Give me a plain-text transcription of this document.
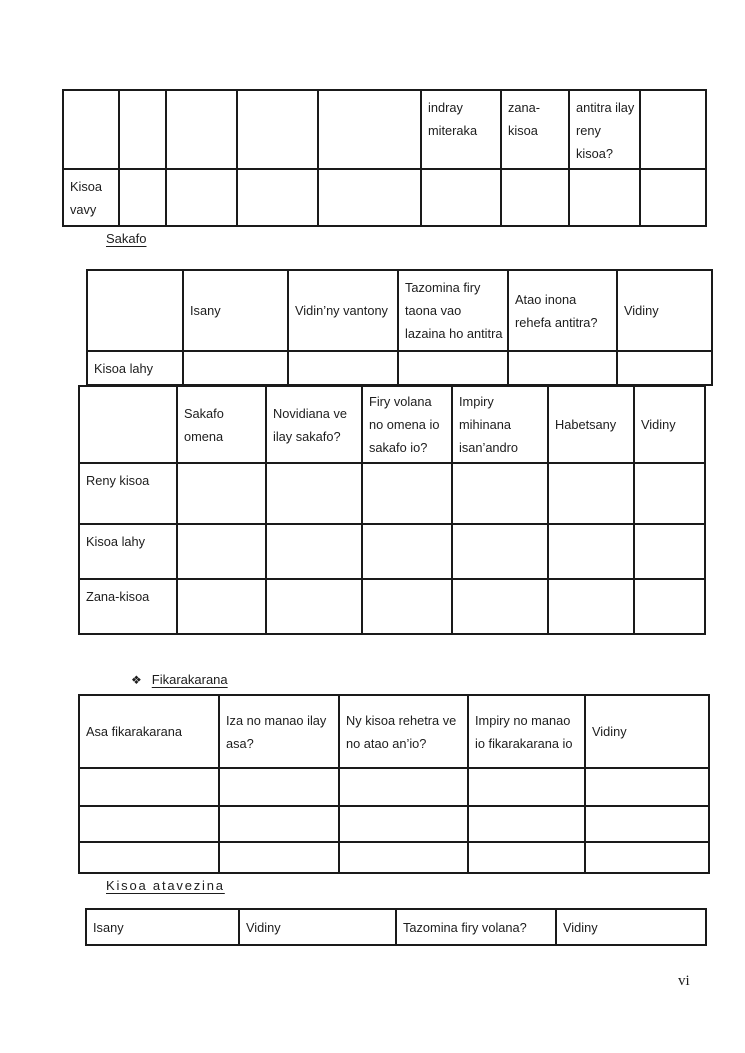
					indray miteraka	zana-kisoa	antitra ilay reny kisoa?	
Kisoa vavy								
Sakafo
	Isany	Vidin’ny vantony	Tazomina firy taona vao lazaina ho antitra	Atao inona rehefa antitra?	Vidiny
Kisoa lahy					
	Sakafo omena	Novidiana ve ilay sakafo?	Firy volana no omena io sakafo io?	Impiry mihinana isan’andro	Habetsany	Vidiny
Reny kisoa						
Kisoa lahy						
Zana-kisoa						
❖ Fikarakarana
Asa fikarakarana	Iza no manao ilay asa?	Ny kisoa rehetra ve no atao an’io?	Impiry no manao io fikarakarana io	Vidiny

Kisoa atavezina
Isany	Vidiny	Tazomina firy volana?	Vidiny
vi
